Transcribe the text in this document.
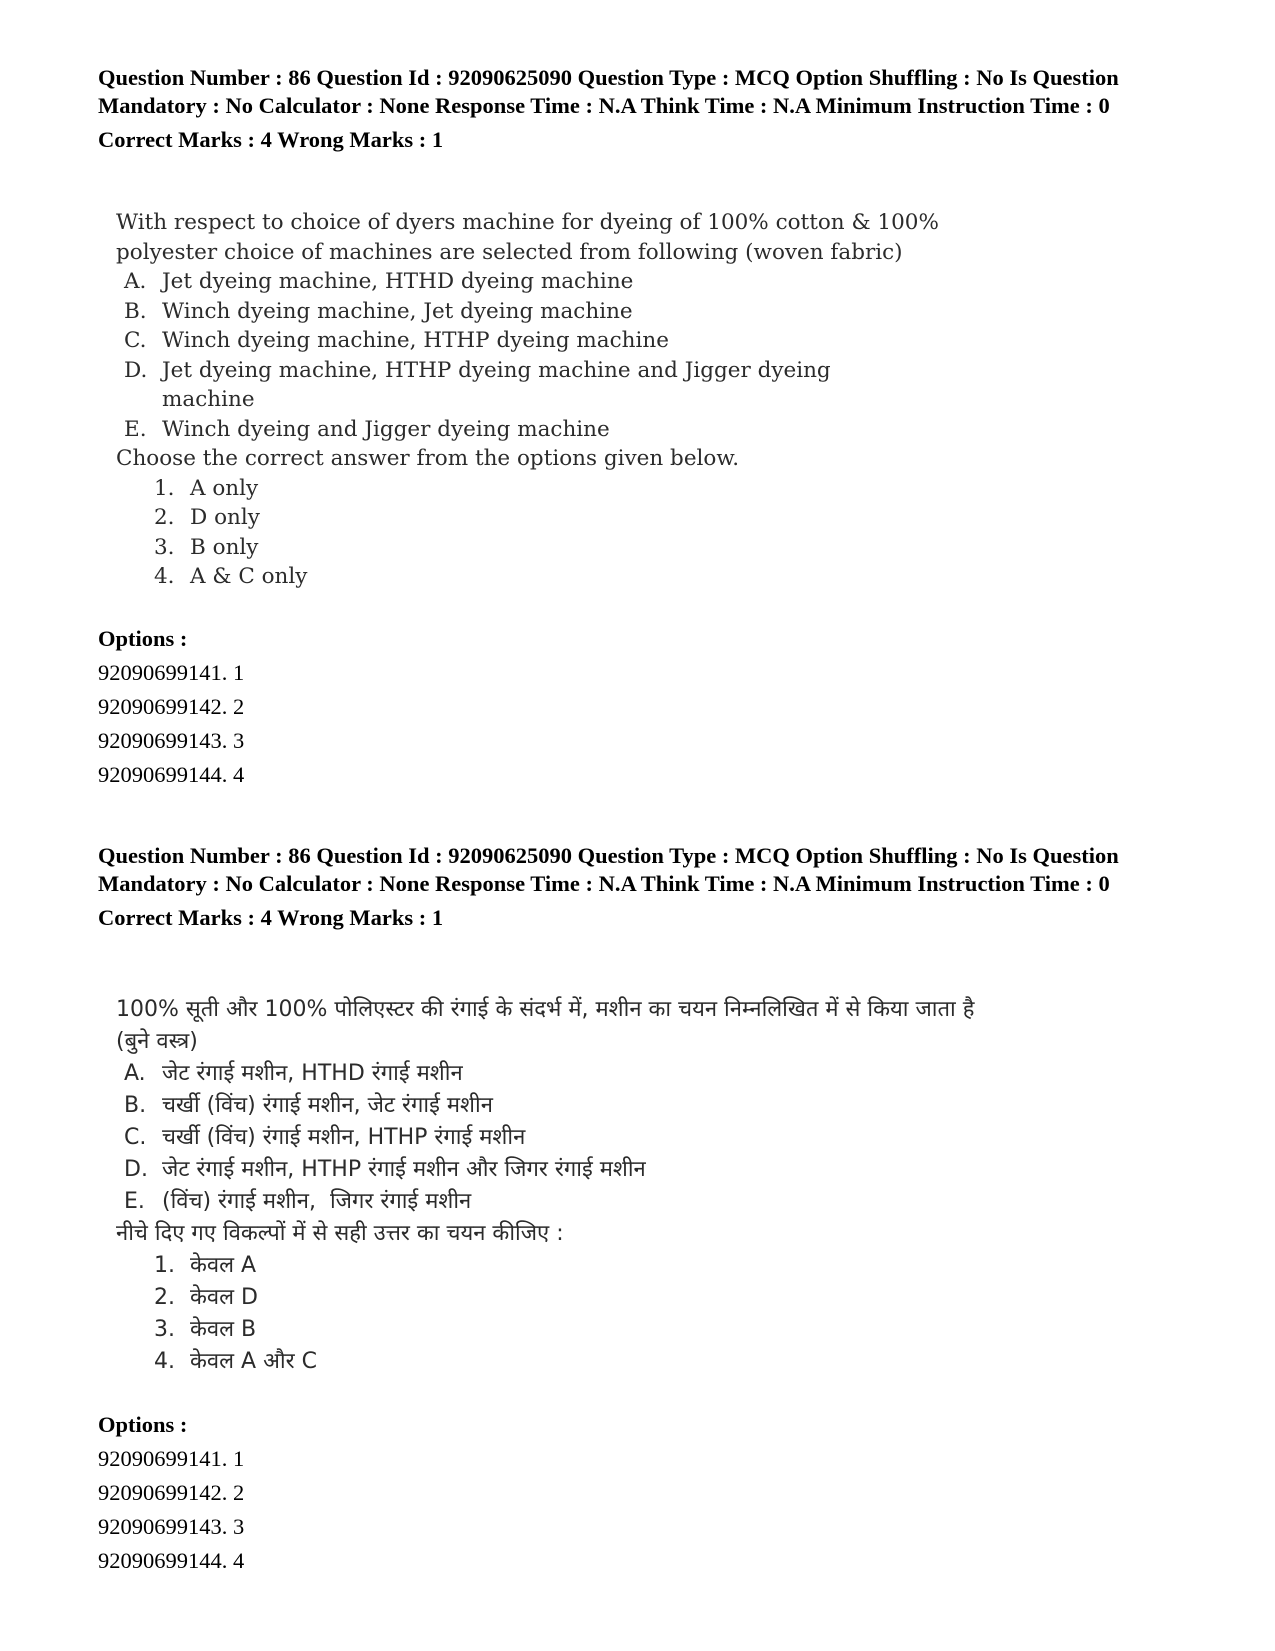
Question Number : 86 Question Id : 92090625090 Question Type : MCQ Option Shuffling : No Is Question Mandatory : No Calculator : None Response Time : N.A Think Time : N.A Minimum Instruction Time : 0
Correct Marks : 4 Wrong Marks : 1

With respect to choice of dyers machine for dyeing of 100% cotton & 100% polyester choice of machines are selected from following (woven fabric)

A. Jet dyeing machine, HTHD dyeing machine
B. Winch dyeing machine, Jet dyeing machine
C. Winch dyeing machine, HTHP dyeing machine
D. Jet dyeing machine, HTHP dyeing machine and Jigger dyeing machine
E. Winch dyeing and Jigger dyeing machine

Choose the correct answer from the options given below.

1. A only
2. D only
3. B only
4. A & C only
Options :
92090699141. 1
92090699142. 2
92090699143. 3
92090699144. 4
Question Number : 86 Question Id : 92090625090 Question Type : MCQ Option Shuffling : No Is Question Mandatory : No Calculator : None Response Time : N.A Think Time : N.A Minimum Instruction Time : 0
Correct Marks : 4 Wrong Marks : 1

100% सूती और 100% पोलिएस्टर की रंगाई के संदर्भ में, मशीन का चयन निम्नलिखित में से किया जाता है (बुने वस्त्र)

A. जेट रंगाई मशीन, HTHD रंगाई मशीन
B. चर्खी (विंच) रंगाई मशीन, जेट रंगाई मशीन
C. चर्खी (विंच) रंगाई मशीन, HTHP रंगाई मशीन
D. जेट रंगाई मशीन, HTHP रंगाई मशीन और जिगर रंगाई मशीन
E. (विंच) रंगाई मशीन,  जिगर रंगाई मशीन

नीचे दिए गए विकल्पों में से सही उत्तर का चयन कीजिए :

1. केवल A
2. केवल D
3. केवल B
4. केवल A और C
Options :
92090699141. 1
92090699142. 2
92090699143. 3
92090699144. 4
